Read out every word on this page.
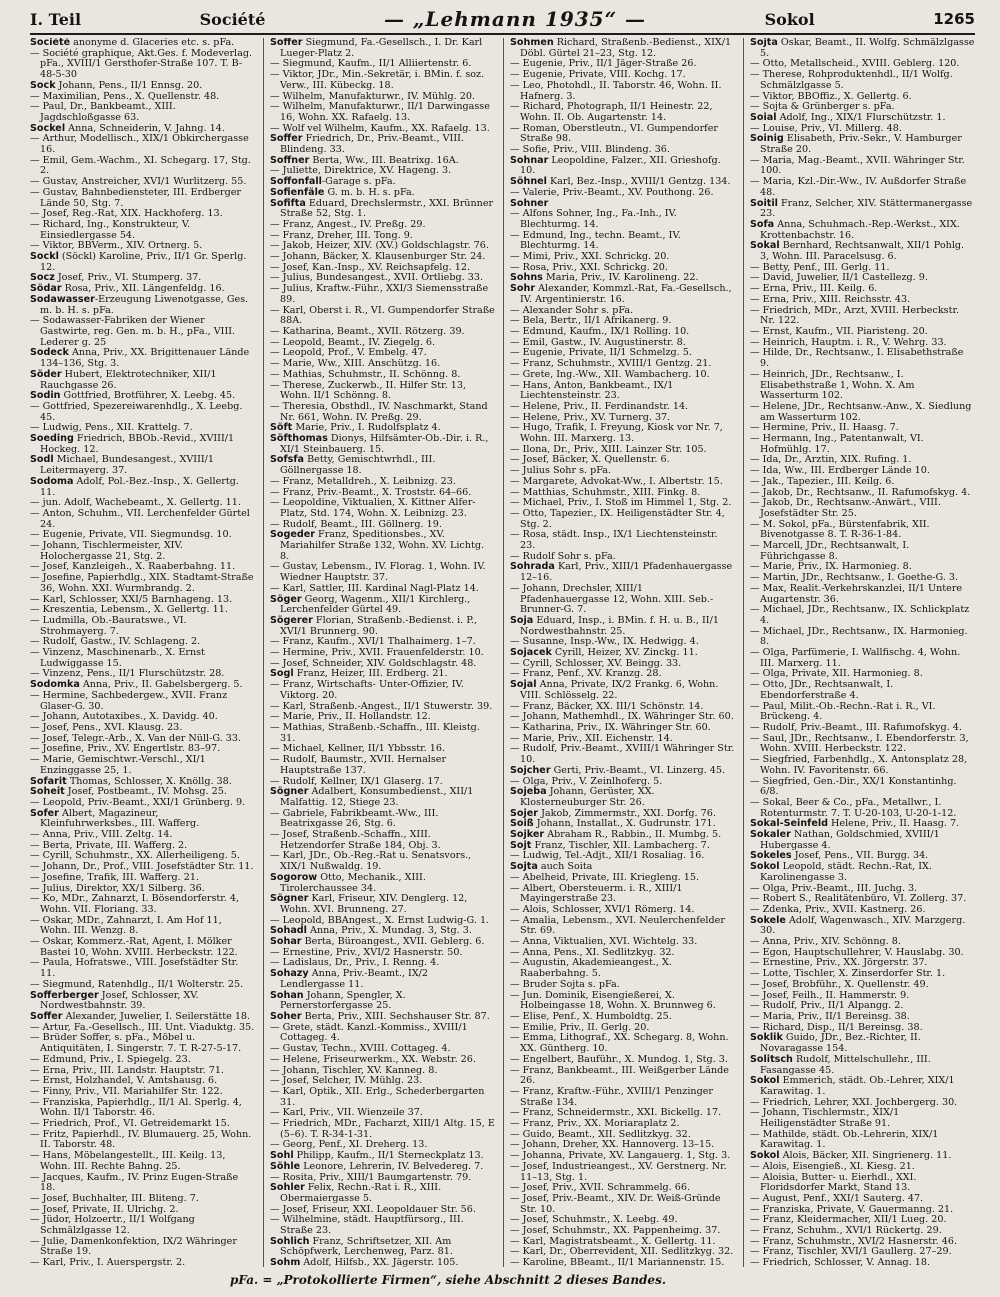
I. Teil	Société	— „Lehmann 1935“ —	Sokol	1265

Société anonyme d. Glaceries etc. s. pFa.

— Société graphique, Akt.Ges. f. Modeverlag. pFa., XVIII/1 Gersthofer-Straße 107. T. B-48-5-30

Sock Johann, Pens., II/1 Ennsg. 20.

— Maximilian, Pens., X. Quellenstr. 48.

— Paul, Dr., Bankbeamt., XIII. Jagdschloßgasse 63.

Sockel Anna, Schneiderin, V. Jahng. 14.

— Arthur, Modellisch., XIX/1 Obkirchergasse 16.

— Emil, Gem.-Wachm., XI. Schegarg. 17, Stg. 2.

— Gustav, Anstreicher, XVI/1 Wurlitzerg. 55.

— Gustav, Bahnbediensteter, III. Erdberger Lände 50, Stg. 7.

— Josef, Reg.-Rat, XIX. Hackhoferg. 13.

— Richard, Ing., Konstrukteur, V. Einsiedlergasse 54.

— Viktor, BBVerm., XIV. Ortnerg. 5.

Sockl (Söckl) Karoline, Priv., II/1 Gr. Sperlg. 12.

Socz Josef, Priv., VI. Stumperg. 37.

Södar Rosa, Priv., XII. Längenfeldg. 16.

Sodawasser-Erzeugung Liwenotgasse, Ges. m. b. H. s. pFa.

— Sodawasser-Fabriken der Wiener Gastwirte, reg. Gen. m. b. H., pFa., VIII. Lederer g. 25

Sodeck Anna, Priv., XX. Brigittenauer Lände 134–136, Stg. 3.

Söder Hubert, Elektrotechniker, XII/1 Rauchgasse 26.

Sodin Gottfried, Brotführer, X. Leebg. 45.

— Gottfried, Spezereiwarenhdlg., X. Leebg. 45.

— Ludwig, Pens., XII. Krattelg. 7.

Soeding Friedrich, BBOb.-Revid., XVIII/1 Hockeg. 12.

Sodl Michael, Bundesangest., XVIII/1 Leitermayerg. 37.

Sodoma Adolf, Pol.-Bez.-Insp., X. Gellertg. 11.

— jun. Adolf, Wachebeamt., X. Gellertg. 11.

— Anton, Schuhm., VII. Lerchenfelder Gürtel 24.

— Eugenie, Private, VII. Siegmundsg. 10.

— Johann, Tischlermeister, XIV. Holochergasse 21, Stg. 2.

— Josef, Kanzleigeh., X. Raaberbahng. 11.

— Josefine, Papierhdlg., XIX. Stadtamt-Straße 36, Wohn. XXI. Wurmbrandg. 2.

— Karl, Schlosser, XXI/5 Barnhageng. 13.

— Kreszentia, Lebensm., X. Gellertg. 11.

— Ludmilla, Ob.-Bauratswe., VI. Strohmayerg. 7.

— Rudolf, Gastw., IV. Schlageng. 2.

— Vinzenz, Maschinenarb., X. Ernst Ludwiggasse 15.

— Vinzenz, Pens., II/1 Flurschützstr. 28.

Sodomka Anna, Priv., II. Gabelsbergerg. 5.

— Hermine, Sachbedergew., XVII. Franz Glaser-G. 30.

— Johann, Autotaxibes., X. Davidg. 40.

— Josef, Pens., XVI. Klausg. 23.

— Josef, Telegr.-Arb., X. Van der Nüll-G. 33.

— Josefine, Priv., XV. Engertlstr. 83–97.

— Marie, Gemischtwr.-Verschl., XI/1 Enzinggasse 25, 1.

Sofarit Thomas, Schlosser, X. Knöllg. 38.

Soheit Josef, Postbeamt., IV. Mohsg. 25.

— Leopold, Priv.-Beamt., XXI/1 Grünberg. 9.

Sofer Albert, Magazineur, Kleinfuhrwerksbes., III. Wafferg.

— Anna, Priv., VIII. Zeltg. 14.

— Berta, Private, III. Wafferg. 2.

— Cyrill, Schuhmstr., XX. Allerheiligeng. 5.

— Johann, Dr., Prof., VIII. Josefstädter Str. 11.

— Josefine, Trafik, III. Wafferg. 21.

— Julius, Direktor, XX/1 Silberg. 36.

— Ko, MDr., Zahnarzt, I. Bösendorferstr. 4, Wohn. VII. Floriang. 33.

— Oskar, MDr., Zahnarzt, I. Am Hof 11, Wohn. III. Wenzg. 8.

— Oskar, Kommerz.-Rat, Agent, I. Mölker Bastei 10, Wohn. XVIII. Herbeckstr. 122.

— Paula, Hofratswe., VIII. Josefstädter Str. 11.

— Siegmund, Ratenhdlg., II/1 Wolterstr. 25.

Sofferberger Josef, Schlosser, XV. Nordwestbahnstr. 39.

Soffer Alexander, Juwelier, I. Seilerstätte 18.

— Artur, Fa.-Gesellsch., III. Unt. Viaduktg. 35.

— Brüder Soffer, s. pFa., Möbel u. Antiquitäten, I. Singerstr. 7. T. R-27-5-17.

— Edmund, Priv., I. Spiegelg. 23.

— Erna, Priv., III. Landstr. Hauptstr. 71.

— Ernst, Holzhandel, V. Amtshausg. 6.

— Finny, Priv., VII. Mariahilfer Str. 122.

— Franziska, Papierhdlg., II/1 Al. Sperlg. 4, Wohn. II/1 Taborstr. 46.

— Friedrich, Prof., VI. Getreidemarkt 15.

— Fritz, Papierhdl., IV. Blumauerg. 25, Wohn. II. Taborstr. 48.

— Hans, Möbelangestellt., III. Keilg. 13, Wohn. III. Rechte Bahng. 25.

— Jacques, Kaufm., IV. Prinz Eugen-Straße 18.

— Josef, Buchhalter, III. Bliteng. 7.

— Josef, Private, II. Ulrichg. 2.

— Jüdor, Holzoertr., II/1 Wolfgang Schmälzlgasse 12.

— Julie, Damenkonfektion, IX/2 Währinger Straße 19.

— Karl, Priv., I. Auerspergstr. 2.

Soffer Siegmund, Fa.-Gesellsch., I. Dr. Karl Lueger-Platz 2.

— Siegmund, Kaufm., II/1 Alliiertenstr. 6.

— Viktor, JDr., Min.-Sekretär, i. BMin. f. soz. Verw., III. Kübeckg. 18.

— Wilhelm, Manufakturwr., IV. Mühlg. 20.

— Wilhelm, Manufakturwr., II/1 Darwingasse 16, Wohn. XX. Rafaelg. 13.

— Wolf vel Wilhelm, Kaufm., XX. Rafaelg. 13.

Soffer Friedrich, Dr., Priv.-Beamt., VIII. Blindeng. 33.

Soffner Berta, Ww., III. Beatrixg. 16A.

— Juliette, Direktrice, XV. Hageng. 3.

Soffonfall-Garage s. pFa.

Sofienfäle G. m. b. H. s. pFa.

Sofifta Eduard, Drechslermstr., XXI. Brünner Straße 52, Stg. 1.

— Franz, Angest., IV. Preßg. 29.

— Franz, Dreher, III. Tong. 9.

— Jakob, Heizer, XIV. (XV.) Goldschlagstr. 76.

— Johann, Bäcker, X. Klausenburger Str. 24.

— Josef, Kan.-Insp., XV. Reichsapfelg. 12.

— Julius, Bundesangest., XVII. Ortliebg. 33.

— Julius, Kraftw.-Führ., XXI/3 Siemensstraße 89.

— Karl, Oberst i. R., VI. Gumpendorfer Straße 88A.

— Katharina, Beamt., XVII. Rötzerg. 39.

— Leopold, Beamt., IV. Ziegelg. 6.

— Leopold, Prof., V. Embelg. 47.

— Marie, Ww., XIII. Anschützg. 16.

— Mathias, Schuhmstr., II. Schönng. 8.

— Therese, Zuckerwb., II. Hilfer Str. 13, Wohn. II/1 Schönng. 8.

— Theresia, Obsthdl., IV. Naschmarkt, Stand Nr. 661, Wohn. IV. Preßg. 29.

Söft Marie, Priv., I. Rudolfsplatz 4.

Söfthomas Dionys, Hilfsämter-Ob.-Dir. i. R., XI/1 Steinbauerg. 15.

Sofsfa Betty, Gemischtwrhdl., III. Göllnergasse 18.

— Franz, Metalldreh., X. Leibnizg. 23.

— Franz, Priv.-Beamt., X. Troststr. 64–66.

— Leopoldine, Viktualien, X. Kittner Alfer-Platz, Std. 174, Wohn. X. Leibnizg. 23.

— Rudolf, Beamt., III. Göllnerg. 19.

Sogeder Franz, Speditionsbes., XV. Mariahilfer Straße 132, Wohn. XV. Lichtg. 8.

— Gustav, Lebensm., IV. Florag. 1, Wohn. IV. Wiedner Hauptstr. 37.

— Karl, Sattler, III. Kardinal Nagl-Platz 14.

Söger Georg, Wagenm., XII/1 Kirchlerg., Lerchenfelder Gürtel 49.

Sögerer Florian, Straßenb.-Bedienst. i. P., XVI/1 Brunnerg. 90.

— Franz, Kaufm., XVI/1 Thalhaimerg. 1–7.

— Hermine, Priv., XVII. Frauenfelderstr. 10.

— Josef, Schneider, XIV. Goldschlagstr. 48.

Sogl Franz, Heizer, III. Erdberg. 21.

— Franz, Wirtschafts- Unter-Offizier, IV. Viktorg. 20.

— Karl, Straßenb.-Angest., II/1 Stuwerstr. 39.

— Marie, Priv., II. Hollandstr. 12.

— Mathias, Straßenb.-Schaffn., III. Kleistg. 31.

— Michael, Kellner, II/1 Ybbsstr. 16.

— Rudolf, Baumstr., XVII. Hernalser Hauptstraße 137.

— Rudolf, Kellner, IX/1 Glaserg. 17.

Sögner Adalbert, Konsumbedienst., XII/1 Malfattig. 12, Stiege 23.

— Gabriele, Fabrikbeamt.-Ww., III. Beatrixgasse 26, Stg. 6.

— Josef, Straßenb.-Schaffn., XIII. Hetzendorfer Straße 184, Obj. 3.

— Karl, JDr., Ob.-Reg.-Rat u. Senatsvors., XIX/1 Nußwaldg. 19.

Sogorow Otto, Mechanik., XIII. Tirolerchaussee 34.

Sögner Karl, Friseur, XIV. Denglerg. 12, Wohn. XVI. Brunneng. 27.

— Leopold, BBAngest., X. Ernst Ludwig-G. 1.

Sohadl Anna, Priv., X. Mundag. 3, Stg. 3.

Sohar Berta, Büroangest., XVII. Geblerg. 6.

— Ernestine, Priv., XVI/2 Hasnerstr. 50.

— Ladislaus, Dr., Priv., I. Renng. 4.

Sohazy Anna, Priv.-Beamt., IX/2 Lendlergasse 11.

Sohan Johann, Spengler, X. Pernerstorfergasse 25.

Soher Berta, Priv., XIII. Sechshauser Str. 87.

— Grete, städt. Kanzl.-Kommiss., XVIII/1 Cottageg. 4.

— Gustav, Techn., XVIII. Cottageg. 4.

— Helene, Friseurwerkm., XX. Webstr. 26.

— Johann, Tischler, XV. Kanneg. 8.

— Josef, Selcher, IV. Mühlg. 23.

— Karl, Optik., XII. Erlg., Schederbergarten 31.

— Karl, Priv., VII. Wienzeile 37.

— Friedrich, MDr., Facharzt, XIII/1 Altg. 15, E (5–6). T. R-34-1-31.

— Georg, Penf., XI. Dreherg. 13.

Sohl Philipp, Kaufm., II/1 Sterneckplatz 13.

Söhle Leonore, Lehrerin, IV. Belvedereg. 7.

— Rosita, Priv., XIII/1 Baumgartenstr. 79.

Sohler Felix, Rechn.-Rat i. R., XIII. Obermaiergasse 5.

— Josef, Friseur, XXI. Leopoldauer Str. 56.

— Wilhelmine, städt. Hauptfürsorg., III. Straße 23.

Sohlich Franz, Schriftsetzer, XII. Am Schöpfwerk, Lerchenweg, Parz. 81.

Sohm Adolf, Hilfsb., XX. Jägerstr. 105.

Sohmen Richard, Straßenb.-Bedienst., XIX/1 Döbl. Gürtel 21–23, Stg. 12.

— Eugenie, Priv., II/1 Jäger-Straße 26.

— Eugenie, Private, VIII. Kochg. 17.

— Leo, Photohdl., II. Taborstr. 46, Wohn. II. Hafnerg. 3.

— Richard, Photograph, II/1 Heinestr. 22, Wohn. II. Ob. Augartenstr. 14.

— Roman, Oberstleutn., VI. Gumpendorfer Straße 98.

— Sofie, Priv., VIII. Blindeng. 36.

Sohnar Leopoldine, Falzer., XII. Grieshofg. 10.

Söhnel Karl, Bez.-Insp., XVIII/1 Gentzg. 134.

— Valerie, Priv.-Beamt., XV. Pouthong. 26.

Sohner

— Alfons Sohner, Ing., Fa.-Inh., IV. Blechturmg. 14.

— Edmund, Ing., techn. Beamt., IV. Blechturmg. 14.

— Mimi, Priv., XXI. Schrickg. 20.

— Rosa, Priv., XXI. Schrickg. 20.

Sohns Maria, Priv., IV. Karolineng. 22.

Sohr Alexander, Kommzl.-Rat, Fa.-Gesellsch., IV. Argentinierstr. 16.

— Alexander Sohr s. pFa.

— Bela, Bertr., II/1 Afrikanerg. 9.

— Edmund, Kaufm., IX/1 Rolling. 10.

— Emil, Gastw., IV. Augustinerstr. 8.

— Eugenie, Private, II/1 Schmelzg. 5.

— Franz, Schuhmstr., XVIII/1 Gentzg. 21.

— Grete, Ing.-Ww., XII. Wambacherg. 10.

— Hans, Anton, Bankbeamt., IX/1 Liechtensteinstr. 23.

— Helene, Priv., II. Ferdinandstr. 14.

— Helene, Priv., XV. Turnerg. 37.

— Hugo, Trafik, I. Freyung, Kiosk vor Nr. 7, Wohn. III. Marxerg. 13.

— Ilona, Dr., Priv., XIII. Lainzer Str. 105.

— Josef, Bäcker, X. Quellenstr. 6.

— Julius Sohr s. pFa.

— Margarete, Advokat-Ww., I. Albertstr. 15.

— Matthias, Schuhmstr., XIII. Finkg. 8.

— Michael, Priv., I. Stoß im Himmel 1, Stg. 2.

— Otto, Tapezier., IX. Heiligenstädter Str. 4, Stg. 2.

— Rosa, städt. Insp., IX/1 Liechtensteinstr. 23.

— Rudolf Sohr s. pFa.

Sohrada Karl, Priv., XIII/1 Pfadenhauergasse 12–16.

— Johann, Drechsler, XIII/1 Pfadenhauergasse 12, Wohn. XIII. Seb.-Brunner-G. 7.

Soja Eduard, Insp., i. BMin. f. H. u. B., II/1 Nordwestbahnstr. 25.

— Susanne, Insp.-Ww., IX. Hedwigg. 4.

Sojacek Cyrill, Heizer, XV. Zinckg. 11.

— Cyrill, Schlosser, XV. Beingg. 33.

— Franz, Penf., XV. Kranzg. 28.

Sojal Anna, Private, IX/2 Frankg. 6, Wohn. VIII. Schlösselg. 22.

— Franz, Bäcker, XX. III/1 Schönstr. 14.

— Johann, Mathemhdl., IX. Währinger Str. 60.

— Katharina, Priv., IX. Währinger Str. 60.

— Marie, Priv., XII. Eichenstr. 14.

— Rudolf, Priv.-Beamt., XVIII/1 Währinger Str. 10.

Sojcher Gerti, Priv.-Beamt., VI. Linzerg. 45.

— Olga, Priv., V. Zeinlhoferg. 5.

Sojeba Johann, Gerüster, XX. Klosterneuburger Str. 26.

Sojer Jakob, Zimmermstr., XXI. Dorfg. 76.

Soiß Johann, Installat., X. Gudrunstr. 171.

Sojker Abraham R., Rabbin., II. Mumbg. 5.

Sojt Franz, Tischler, XII. Lambacherg. 7.

— Ludwig, Tel.-Adjt., XII/1 Rosaliag. 16.

Sojta auch Soita

— Abelheid, Private, III. Kriegleng. 15.

— Albert, Obersteuerm. i. R., XIII/1 Mayingerstraße 23.

— Alois, Schlosser, XVI/1 Römerg. 14.

— Amalia, Lebensm., XVI. Neulerchenfelder Str. 69.

— Anna, Viktualien, XVI. Wichtelg. 33.

— Anna, Pens., XI. Sedlitzkyg. 32.

— Augustin, Akademieangest., X. Raaberbahng. 5.

— Bruder Sojta s. pFa.

— Jun. Dominik, Eisengießerei, X. Holbeingasse 18, Wohn. X. Brunnweg 6.

— Elise, Penf., X. Humboldtg. 25.

— Emilie, Priv., II. Gerlg. 20.

— Emma, Lithograf., XX. Schegarg. 8, Wohn. XX. Güntherg. 10.

— Engelbert, Bauführ., X. Mundog. 1, Stg. 3.

— Franz, Bankbeamt., III. Weißgerber Lände 26.

— Franz, Kraftw.-Führ., XVIII/1 Penzinger Straße 134.

— Franz, Schneidermstr., XXI. Bickellg. 17.

— Franz, Priv., XX. Moriaraplatz 2.

— Guido, Beamt., XII. Sedlitzkyg. 32.

— Johann, Dreher, XX. Hannoverg. 13–15.

— Johanna, Private, XV. Langauerg. 1, Stg. 3.

— Josef, Industrieangest., XV. Gerstnerg. Nr. 11–13, Stg. 1.

— Josef, Priv., XVII. Schrammelg. 66.

— Josef, Priv.-Beamt., XIV. Dr. Weiß-Gründe Str. 10.

— Josef, Schuhmstr., X. Leebg. 49.

— Josef, Schuhmstr., XX. Pappenheimg. 37.

— Karl, Magistratsbeamt., X. Gellertg. 11.

— Karl, Dr., Oberrevident, XII. Sedlitzkyg. 32.

— Karoline, BBeamt., II/1 Mariannenstr. 15.

Sojta Oskar, Beamt., II. Wolfg. Schmälzlgasse 5.

— Otto, Metallscheid., XVIII. Geblerg. 120.

— Therese, Rohproduktenhdl., II/1 Wolfg. Schmälzlgasse 5.

— Viktor, BBOffiz., X. Gellertg. 6.

— Sojta & Grünberger s. pFa.

Soial Adolf, Ing., XIX/1 Flurschützstr. 1.

— Louise, Priv., VI. Millerg. 48.

Soinig Elisabeth, Priv.-Sekr., V. Hamburger Straße 20.

— Maria, Mag.-Beamt., XVII. Währinger Str. 100.

— Maria, Kzl.-Dir.-Ww., IV. Außdorfer Straße 48.

Soitil Franz, Selcher, XIV. Stättermanergasse 23.

Sofa Anna, Schuhmach.-Rep.-Werkst., XIX. Krottenbachstr. 16.

Sokal Bernhard, Rechtsanwalt, XII/1 Pohlg. 3, Wohn. III. Paracelsusg. 6.

— Betty, Penf., III. Gerlg. 11.

— David, Juwelier, II/1 Castellezg. 9.

— Erna, Priv., III. Keilg. 6.

— Erna, Priv., XIII. Reichsstr. 43.

— Friedrich, MDr., Arzt, XVIII. Herbeckstr. Nr. 122.

— Ernst, Kaufm., VII. Piaristeng. 20.

— Heinrich, Hauptm. i. R., V. Wehrg. 33.

— Hilde, Dr., Rechtsanw., I. Elisabethstraße 9.

— Heinrich, JDr., Rechtsanw., I. Elisabethstraße 1, Wohn. X. Am Wasserturm 102.

— Helene, JDr., Rechtsanw.-Anw., X. Siedlung am Wasserturm 102.

— Hermine, Priv., II. Haasg. 7.

— Hermann, Ing., Patentanwalt, VI. Hofmühlg. 17.

— Ida, Dr., Arztin, XIX. Rufing. 1.

— Ida, Ww., III. Erdberger Lände 10.

— Jak., Tapezier., III. Keilg. 6.

— Jakob, Dr., Rechtsanw., II. Rafumofskyg. 4.

— Jakob, Dr., Rechtsanw.-Anwärt., VIII. Josefstädter Str. 25.

— M. Sokol, pFa., Bürstenfabrik, XII. Bivenotgasse 8. T. R-36-1-84.

— Marcell, JDr., Rechtsanwalt, I. Führichgasse 8.

— Marie, Priv., IX. Harmonieg. 8.

— Martin, JDr., Rechtsanw., I. Goethe-G. 3.

— Max, Realit.-Verkehrskanzlei, II/1 Untere Augartenstr. 36.

— Michael, JDr., Rechtsanw., IX. Schlickplatz 4.

— Michael, JDr., Rechtsanw., IX. Harmonieg. 8.

— Olga, Parfümerie, I. Wallfischg. 4, Wohn. III. Marxerg. 11.

— Olga, Private, XII. Harmonieg. 8.

— Otto, JDr., Rechtsanwalt, I. Ebendorferstraße 4.

— Paul, Milit.-Ob.-Rechn.-Rat i. R., VI. Brückeng. 4.

— Rudolf, Priv.-Beamt., III. Rafumofskyg. 4.

— Saul, JDr., Rechtsanw., I. Ebendorferstr. 3, Wohn. XVIII. Herbeckstr. 122.

— Siegfried, Farbenhdlg., X. Antonsplatz 28, Wohn. IV. Favoritenstr. 66.

— Siegfried, Gen.-Dir., XX/1 Konstantinhg. 6/8.

— Sokal, Beer & Co., pFa., Metallwr., I. Rotenturmstr. 7. T. U-20-103, U-20-1-12.

Sokal-Seinfeld Helene, Priv., II. Haasg. 7.

Sokaler Nathan, Goldschmied, XVIII/1 Hubergasse 4.

Sokeles Josef, Pens., VII. Burgg. 34.

Sokol Leopold, städt. Rechn.-Rat, IX. Karolinengasse 3.

— Olga, Priv.-Beamt., III. Juchg. 3.

— Robert S., Realitätenbüro, VI. Zollerg. 37.

— Zdenka, Priv., XVII. Kastnerg. 26.

Sokele Adolf, Wagenwasch., XIV. Marzgerg. 30.

— Anna, Priv., XIV. Schönng. 8.

— Egon, Hauptschullehrer, V. Hauslabg. 30.

— Ernestine, Priv., XX. Jörgerstr. 37.

— Lotte, Tischler, X. Zinserdorfer Str. 1.

— Josef, Brobführ., X. Quellenstr. 49.

— Josef, Feilh., II. Hammerstr. 9.

— Rudolf, Priv., II/1 Alpangg. 2.

— Maria, Priv., II/1 Bereinsg. 38.

— Richard, Disp., II/1 Bereinsg. 38.

Soklik Guido, JDr., Bez.-Richter, II. Novaragasse 154.

Solitsch Rudolf, Mittelschullehr., III. Fasangasse 45.

Sokol Emmerich, städt. Ob.-Lehrer, XIX/1 Karawitag. 1.

— Friedrich, Lehrer, XXI. Jochbergerg. 30.

— Johann, Tischlermstr., XIX/1 Heiligenstädter Straße 91.

— Mathilde, städt. Ob.-Lehrerin, XIX/1 Karawitag. 1.

Sokol Alois, Bäcker, XII. Singrienerg. 11.

— Alois, Eisengieß., XI. Kiesg. 21.

— Aloisia, Butter- u. Eierhdl., XXI. Floridsdorfer Markt, Stand 13.

— August, Penf., XXI/1 Sauterg. 47.

— Franziska, Private, V. Gauermanng. 21.

— Franz, Kleidermacher, XII/1 Lueg. 20.

— Franz, Schuhm., XVI/1 Rückertg. 29.

— Franz, Schuhmstr., XVI/2 Hasnerstr. 46.

— Franz, Tischler, XVI/1 Gaullerg. 27–29.

— Friedrich, Schlosser, V. Annag. 18.

pFa. = „Protokollierte Firmen“, siehe Abschnitt 2 dieses Bandes.
